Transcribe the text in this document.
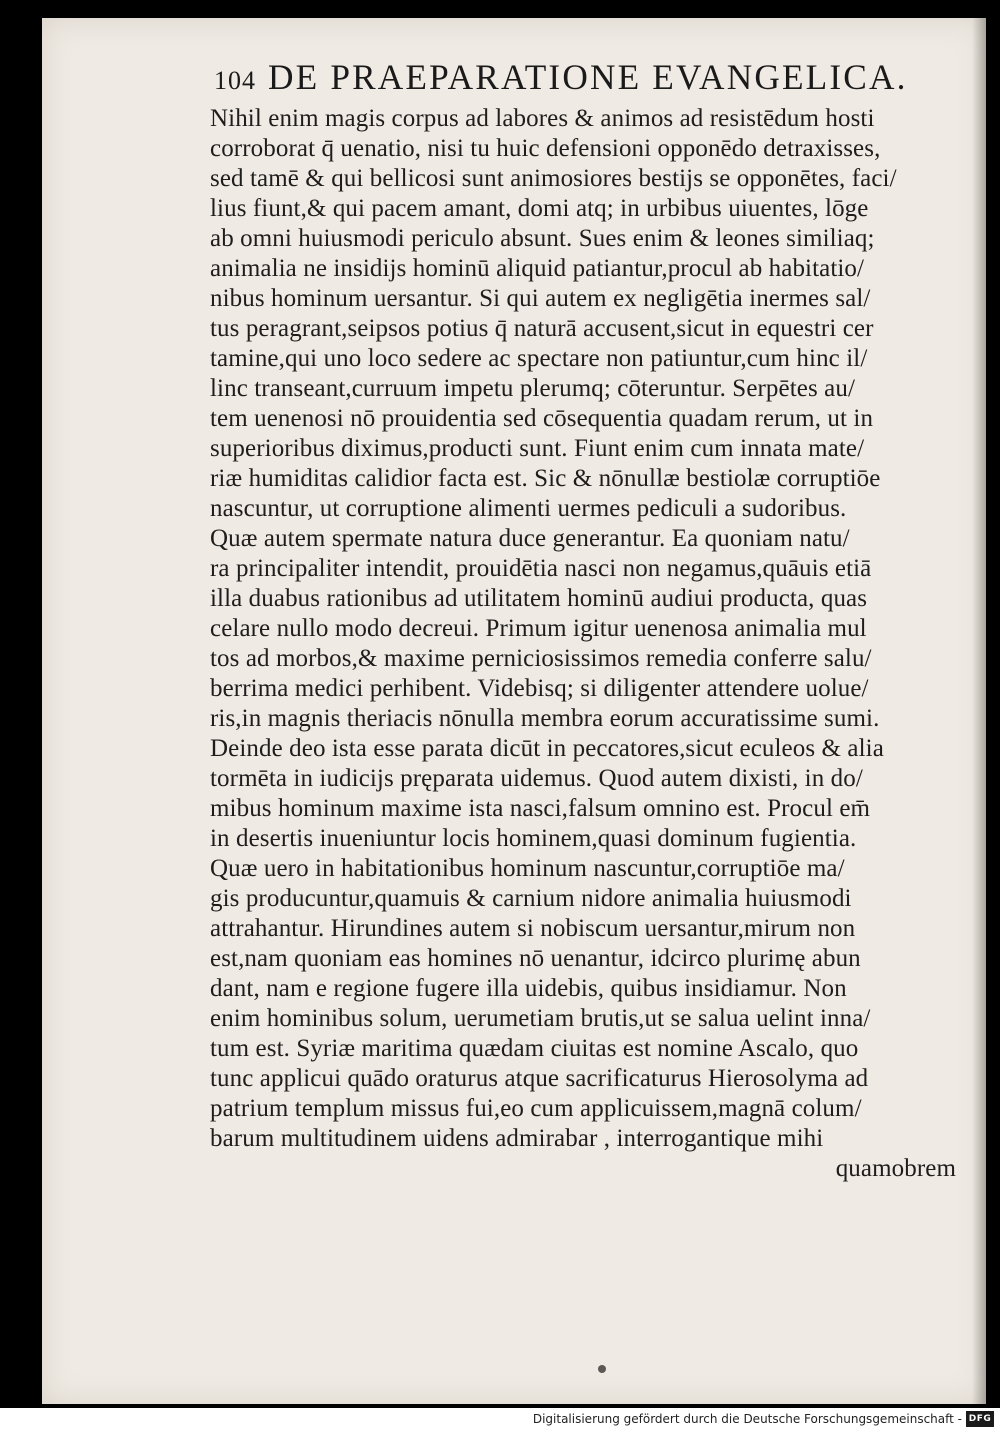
104 DE PRAEPARATIONE EVANGELICA.
Nihil enim magis corpus ad labores & animos ad resistēdum hosti
corroborat q̄ uenatio, nisi tu huic defensioni opponēdo detraxisses,
sed tamē & qui bellicosi sunt animosiores bestijs se opponētes, faci/
lius fiunt,& qui pacem amant, domi atq; in urbibus uiuentes, lōge
ab omni huiusmodi periculo absunt. Sues enim & leones similiaq;
animalia ne insidijs hominū aliquid patiantur,procul ab habitatio/
nibus hominum uersantur. Si qui autem ex negligētia inermes sal/
tus peragrant,seipsos potius q̄ naturā accusent,sicut in equestri cer
tamine,qui uno loco sedere ac spectare non patiuntur,cum hinc il/
linc transeant,curruum impetu plerumq; cōteruntur. Serpētes au/
tem uenenosi nō prouidentia sed cōsequentia quadam rerum, ut in
superioribus diximus,producti sunt. Fiunt enim cum innata mate/
riæ humiditas calidior facta est. Sic & nōnullæ bestiolæ corruptiōe
nascuntur, ut corruptione alimenti uermes pediculi a sudoribus.
Quæ autem spermate natura duce generantur. Ea quoniam natu/
ra principaliter intendit, prouidētia nasci non negamus,quāuis etiā
illa duabus rationibus ad utilitatem hominū audiui producta, quas
celare nullo modo decreui. Primum igitur uenenosa animalia mul
tos ad morbos,& maxime perniciosissimos remedia conferre salu/
berrima medici perhibent. Videbisq; si diligenter attendere uolue/
ris,in magnis theriacis nōnulla membra eorum accuratissime sumi.
Deinde deo ista esse parata dicūt in peccatores,sicut eculeos & alia
tormēta in iudicijs pręparata uidemus. Quod autem dixisti, in do/
mibus hominum maxime ista nasci,falsum omnino est. Procul em̄
in desertis inueniuntur locis hominem,quasi dominum fugientia.
Quæ uero in habitationibus hominum nascuntur,corruptiōe ma/
gis producuntur,quamuis & carnium nidore animalia huiusmodi
attrahantur. Hirundines autem si nobiscum uersantur,mirum non
est,nam quoniam eas homines nō uenantur, idcirco plurimę abun
dant, nam e regione fugere illa uidebis, quibus insidiamur. Non
enim hominibus solum, uerumetiam brutis,ut se salua uelint inna/
tum est. Syriæ maritima quædam ciuitas est nomine Ascalo, quo
tunc applicui quādo oraturus atque sacrificaturus Hierosolyma ad
patrium templum missus fui,eo cum applicuissem,magnā colum/
barum multitudinem uidens admirabar , interrogantique mihi
quamobrem
Digitalisierung gefördert durch die Deutsche Forschungsgemeinschaft - DFG
